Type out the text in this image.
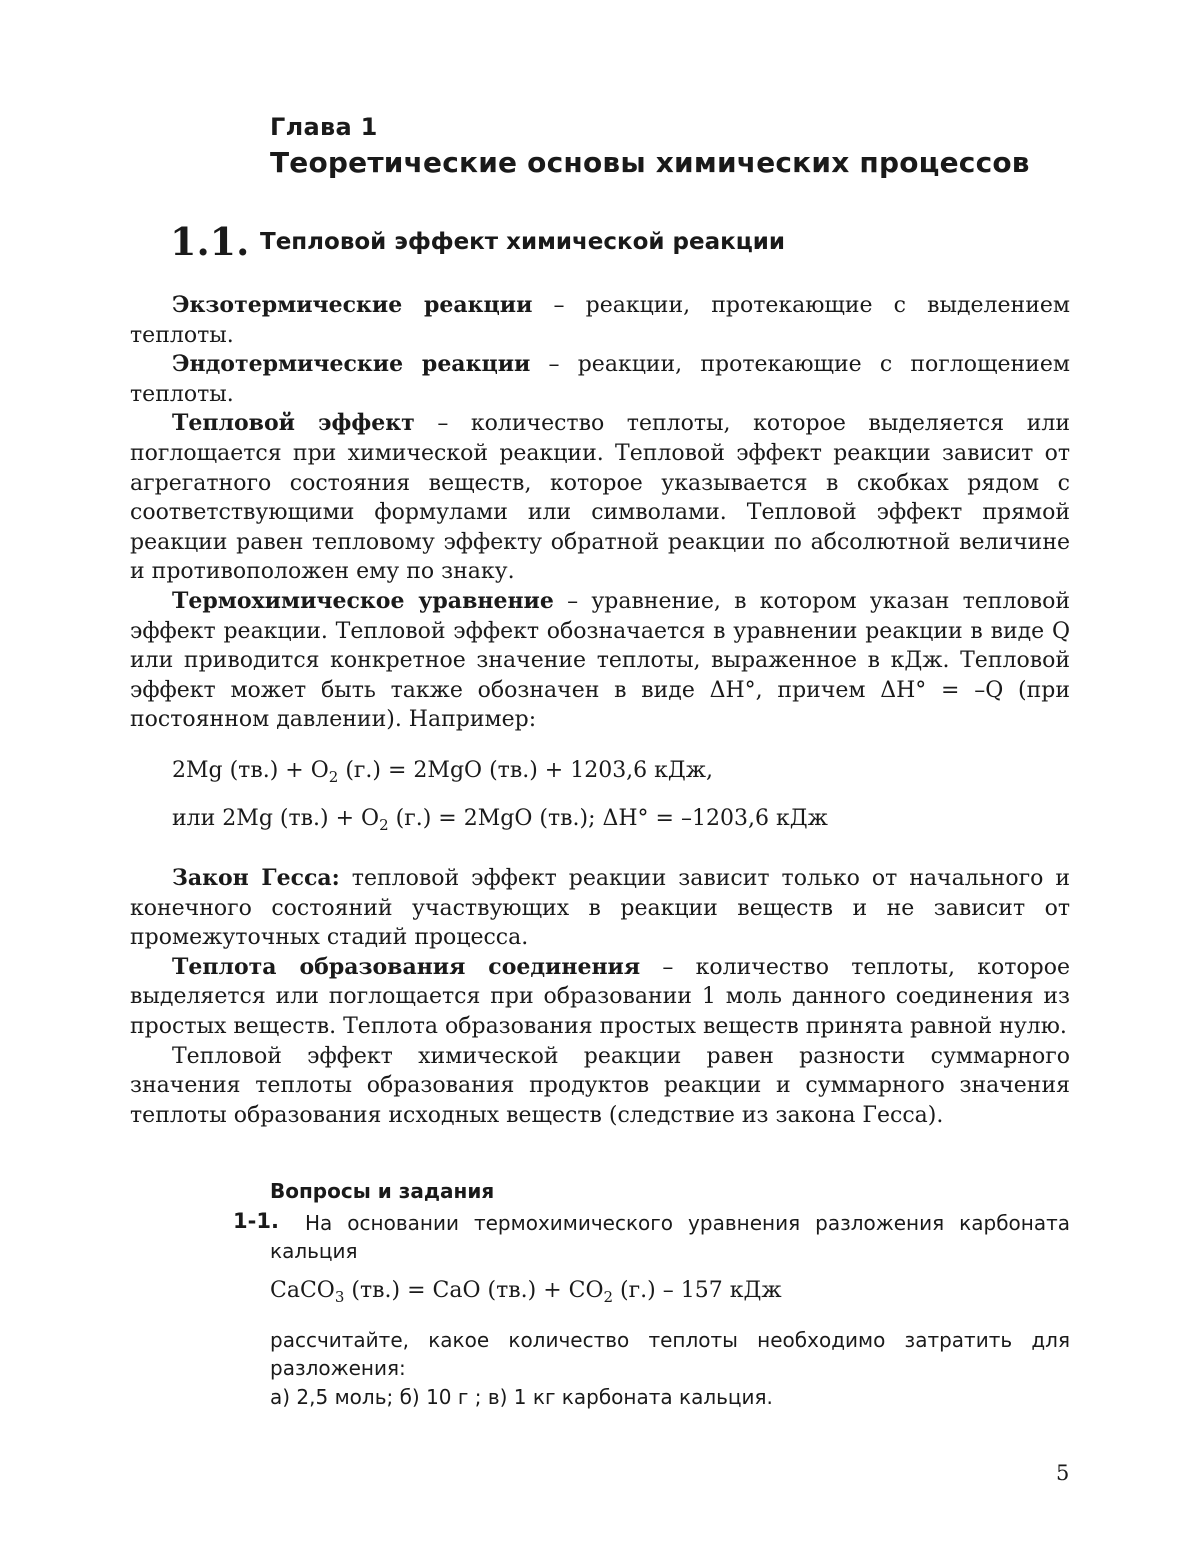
Глава 1
Теоретические основы химических процессов
1.1. Тепловой эффект химической реакции

Экзотермические реакции – реакции, протекающие с выделением теплоты.

Эндотермические реакции – реакции, протекающие с поглощением теплоты.

Тепловой эффект – количество теплоты, которое выделяется или поглощается при химической реакции. Тепловой эффект реакции зависит от агрегатного состояния веществ, которое указывается в скобках рядом с соответствующими формулами или символами. Тепловой эффект прямой реакции равен тепловому эффекту обратной реакции по абсолютной величине и противоположен ему по знаку.

Термохимическое уравнение – уравнение, в котором указан тепловой эффект реакции. Тепловой эффект обозначается в уравнении реакции в виде Q или приводится конкретное значение теплоты, выраженное в кДж. Тепловой эффект может быть также обозначен в виде ΔH°, причем ΔH° = –Q (при постоянном давлении). Например:

2Mg $(тв.) + O_2$ (г.) = 2MgO (тв.) + 1203,6 кДж,
или 2Mg $(тв.) + O_2$ (г.) = 2MgO (тв.); ΔH° = –1203,6 кДж

Закон Гесса: тепловой эффект реакции зависит только от начального и конечного состояний участвующих в реакции веществ и не зависит от промежуточных стадий процесса.

Теплота образования соединения – количество теплоты, которое выделяется или поглощается при образовании 1 моль данного соединения из простых веществ. Теплота образования простых веществ принята равной нулю.

Тепловой эффект химической реакции равен разности суммарного значения теплоты образования продуктов реакции и суммарного значения теплоты образования исходных веществ (следствие из закона Гесса).

Вопросы и задания
1-1.	На основании термохимического уравнения разложения карбоната кальция

CaCO$_3$ (тв.) = CaO $(тв.) + CO_2$ (г.) – 157 кДж

рассчитайте, какое количество теплоты необходимо затратить для разложения:

а) 2,5 моль; б) 10 г ; в) 1 кг карбоната кальция.

5
